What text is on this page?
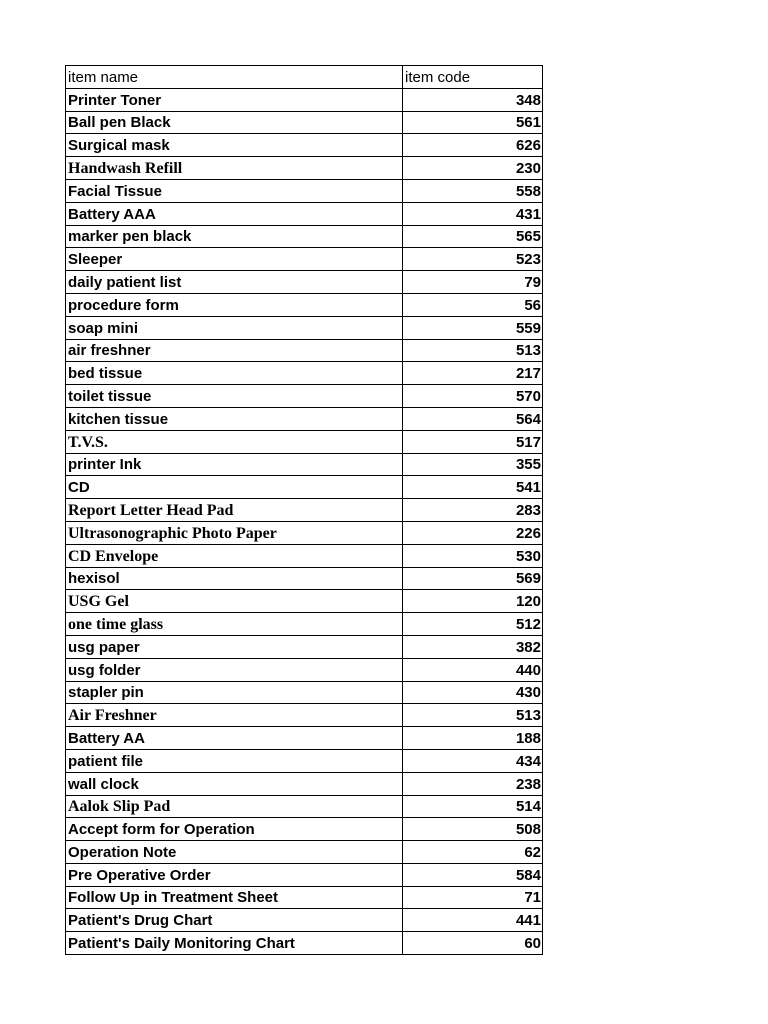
item name	item code
Printer Toner	348
Ball pen Black	561
Surgical mask	626
Handwash Refill	230
Facial Tissue	558
Battery AAA	431
marker pen black	565
Sleeper	523
daily patient list	79
procedure form	56
soap mini	559
air freshner	513
bed tissue	217
toilet tissue	570
kitchen tissue	564
T.V.S.	517
printer Ink	355
CD	541
Report Letter Head Pad	283
Ultrasonographic Photo Paper	226
CD Envelope	530
hexisol	569
USG Gel	120
one time glass	512
usg paper	382
usg folder	440
stapler pin	430
Air Freshner	513
Battery AA	188
patient file	434
wall clock	238
Aalok Slip Pad	514
Accept form for Operation	508
Operation Note	62
Pre Operative Order	584
Follow Up in Treatment Sheet	71
Patient's Drug Chart	441
Patient's Daily Monitoring Chart	60
